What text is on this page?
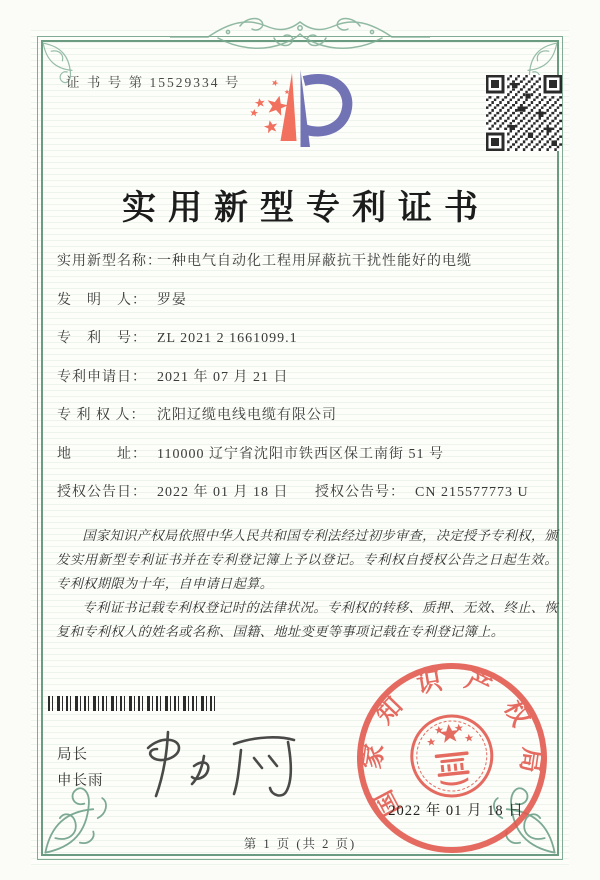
证 书 号 第 15529334 号
实用新型专利证书
实用新型名称：一种电气自动化工程用屏蔽抗干扰性能好的电缆
发　明　人： 罗晏
专　利　号： ZL 2021 2 1661099.1
专利申请日： 2021 年 07 月 21 日
专 利 权 人： 沈阳辽缆电线电缆有限公司
地　　　址： 110000 辽宁省沈阳市铁西区保工南街 51 号
授权公告日： 2022 年 01 月 18 日	授权公告号： CN 215577773 U

国家知识产权局依照中华人民共和国专利法经过初步审查，决定授予专利权，颁发实用新型专利证书并在专利登记簿上予以登记。专利权自授权公告之日起生效。专利权期限为十年，自申请日起算。

专利证书记载专利权登记时的法律状况。专利权的转移、质押、无效、终止、恢复和专利权人的姓名或名称、国籍、地址变更等事项记载在专利登记簿上。

局长
申长雨	国家知识产权局
2022 年 01 月 18 日
第 1 页 (共 2 页)
